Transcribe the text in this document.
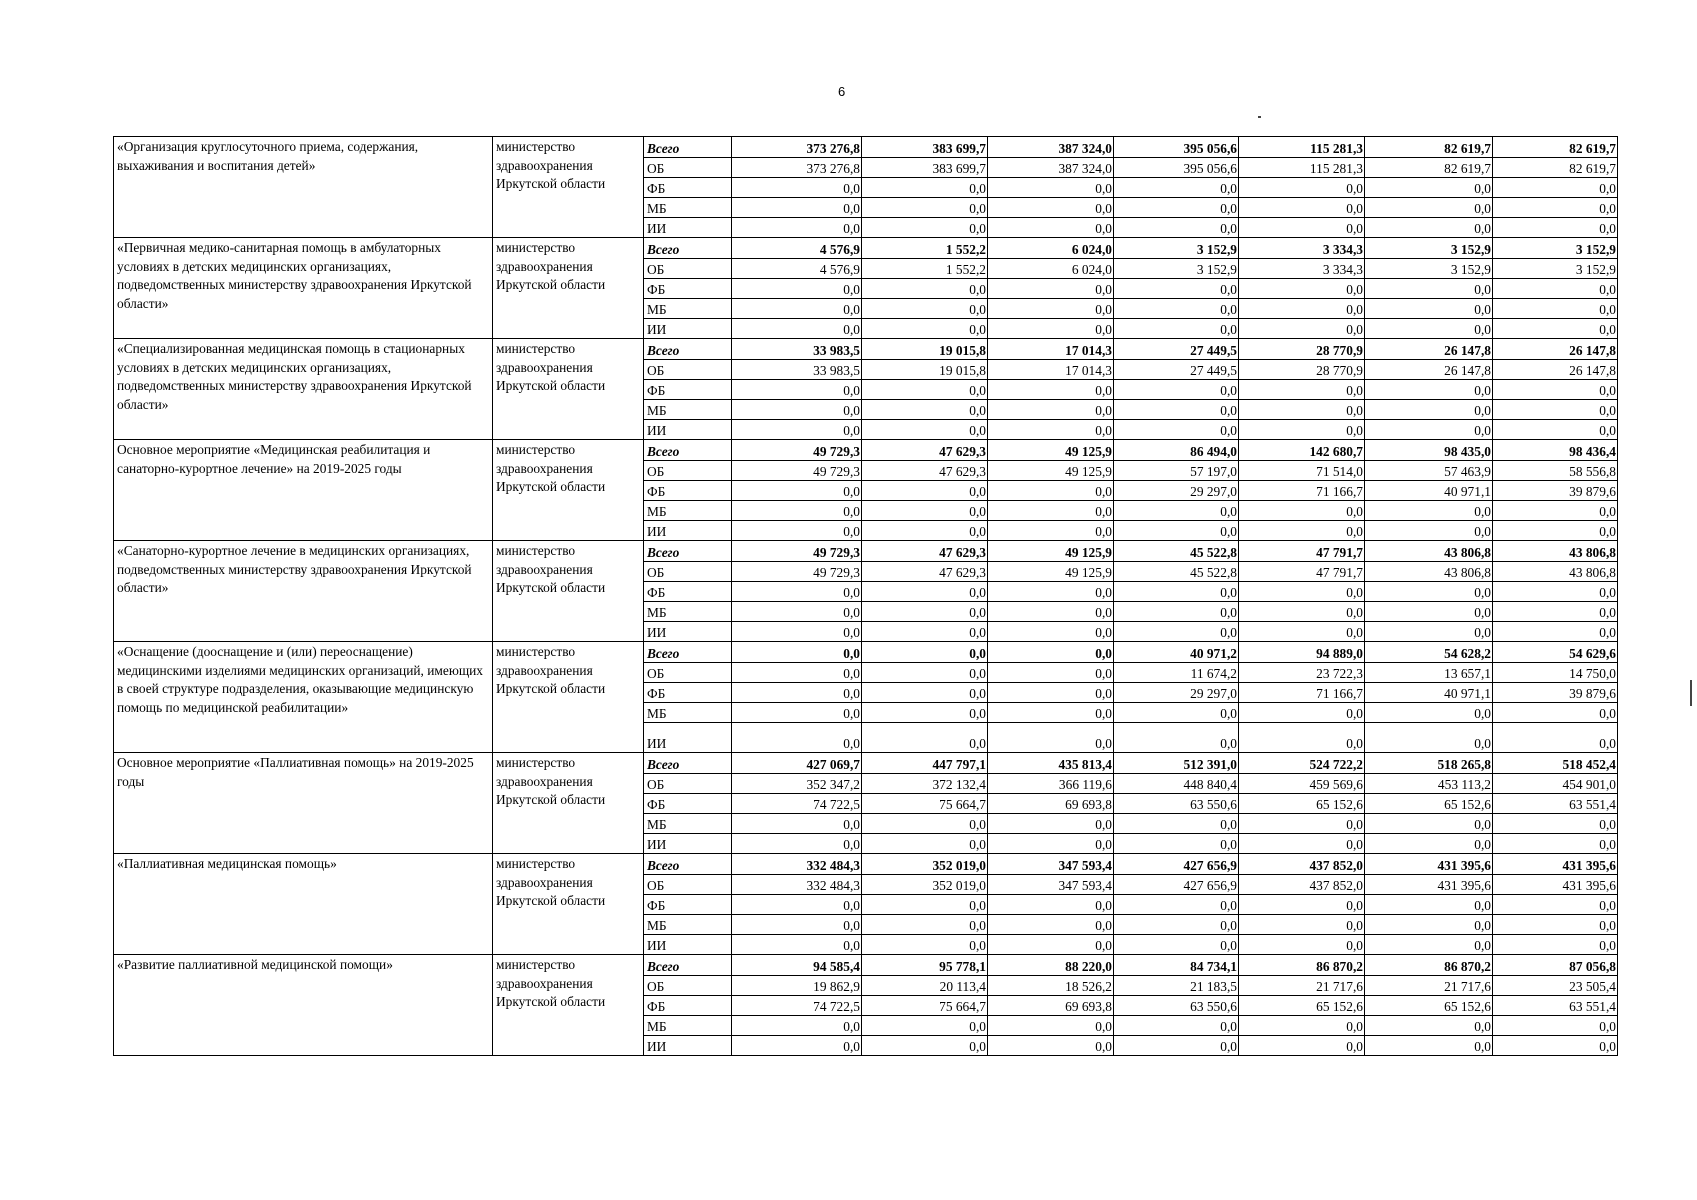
6
«Организация круглосуточного приема, содержания, выхаживания и воспитания детей»	министерство здравоохранения Иркутской области	Всего	373 276,8	383 699,7	387 324,0	395 056,6	115 281,3	82 619,7	82 619,7
		ОБ	373 276,8	383 699,7	387 324,0	395 056,6	115 281,3	82 619,7	82 619,7
		ФБ	0,0	0,0	0,0	0,0	0,0	0,0	0,0
		МБ	0,0	0,0	0,0	0,0	0,0	0,0	0,0
		ИИ	0,0	0,0	0,0	0,0	0,0	0,0	0,0
«Первичная медико-санитарная помощь в амбулаторных условиях в детских медицинских организациях, подведомственных министерству здравоохранения Иркутской области»	министерство здравоохранения Иркутской области	Всего	4 576,9	1 552,2	6 024,0	3 152,9	3 334,3	3 152,9	3 152,9
		ОБ	4 576,9	1 552,2	6 024,0	3 152,9	3 334,3	3 152,9	3 152,9
		ФБ	0,0	0,0	0,0	0,0	0,0	0,0	0,0
		МБ	0,0	0,0	0,0	0,0	0,0	0,0	0,0
		ИИ	0,0	0,0	0,0	0,0	0,0	0,0	0,0
«Специализированная медицинская помощь в стационарных условиях в детских медицинских организациях, подведомственных министерству здравоохранения Иркутской области»	министерство здравоохранения Иркутской области	Всего	33 983,5	19 015,8	17 014,3	27 449,5	28 770,9	26 147,8	26 147,8
		ОБ	33 983,5	19 015,8	17 014,3	27 449,5	28 770,9	26 147,8	26 147,8
		ФБ	0,0	0,0	0,0	0,0	0,0	0,0	0,0
		МБ	0,0	0,0	0,0	0,0	0,0	0,0	0,0
		ИИ	0,0	0,0	0,0	0,0	0,0	0,0	0,0
Основное мероприятие «Медицинская реабилитация и санаторно-курортное лечение» на 2019-2025 годы	министерство здравоохранения Иркутской области	Всего	49 729,3	47 629,3	49 125,9	86 494,0	142 680,7	98 435,0	98 436,4
		ОБ	49 729,3	47 629,3	49 125,9	57 197,0	71 514,0	57 463,9	58 556,8
		ФБ	0,0	0,0	0,0	29 297,0	71 166,7	40 971,1	39 879,6
		МБ	0,0	0,0	0,0	0,0	0,0	0,0	0,0
		ИИ	0,0	0,0	0,0	0,0	0,0	0,0	0,0
«Санаторно-курортное лечение в медицинских организациях, подведомственных министерству здравоохранения Иркутской области»	министерство здравоохранения Иркутской области	Всего	49 729,3	47 629,3	49 125,9	45 522,8	47 791,7	43 806,8	43 806,8
		ОБ	49 729,3	47 629,3	49 125,9	45 522,8	47 791,7	43 806,8	43 806,8
		ФБ	0,0	0,0	0,0	0,0	0,0	0,0	0,0
		МБ	0,0	0,0	0,0	0,0	0,0	0,0	0,0
		ИИ	0,0	0,0	0,0	0,0	0,0	0,0	0,0
«Оснащение (дооснащение и (или) переоснащение) медицинскими изделиями медицинских организаций, имеющих в своей структуре подразделения, оказывающие медицинскую помощь по медицинской реабилитации»	министерство здравоохранения Иркутской области	Всего	0,0	0,0	0,0	40 971,2	94 889,0	54 628,2	54 629,6
		ОБ	0,0	0,0	0,0	11 674,2	23 722,3	13 657,1	14 750,0
		ФБ	0,0	0,0	0,0	29 297,0	71 166,7	40 971,1	39 879,6
		МБ	0,0	0,0	0,0	0,0	0,0	0,0	0,0
		ИИ	0,0	0,0	0,0	0,0	0,0	0,0	0,0
Основное мероприятие «Паллиативная помощь» на 2019-2025 годы	министерство здравоохранения Иркутской области	Всего	427 069,7	447 797,1	435 813,4	512 391,0	524 722,2	518 265,8	518 452,4
		ОБ	352 347,2	372 132,4	366 119,6	448 840,4	459 569,6	453 113,2	454 901,0
		ФБ	74 722,5	75 664,7	69 693,8	63 550,6	65 152,6	65 152,6	63 551,4
		МБ	0,0	0,0	0,0	0,0	0,0	0,0	0,0
		ИИ	0,0	0,0	0,0	0,0	0,0	0,0	0,0
«Паллиативная медицинская помощь»	министерство здравоохранения Иркутской области	Всего	332 484,3	352 019,0	347 593,4	427 656,9	437 852,0	431 395,6	431 395,6
		ОБ	332 484,3	352 019,0	347 593,4	427 656,9	437 852,0	431 395,6	431 395,6
		ФБ	0,0	0,0	0,0	0,0	0,0	0,0	0,0
		МБ	0,0	0,0	0,0	0,0	0,0	0,0	0,0
		ИИ	0,0	0,0	0,0	0,0	0,0	0,0	0,0
«Развитие паллиативной медицинской помощи»	министерство здравоохранения Иркутской области	Всего	94 585,4	95 778,1	88 220,0	84 734,1	86 870,2	86 870,2	87 056,8
		ОБ	19 862,9	20 113,4	18 526,2	21 183,5	21 717,6	21 717,6	23 505,4
		ФБ	74 722,5	75 664,7	69 693,8	63 550,6	65 152,6	65 152,6	63 551,4
		МБ	0,0	0,0	0,0	0,0	0,0	0,0	0,0
		ИИ	0,0	0,0	0,0	0,0	0,0	0,0	0,0
